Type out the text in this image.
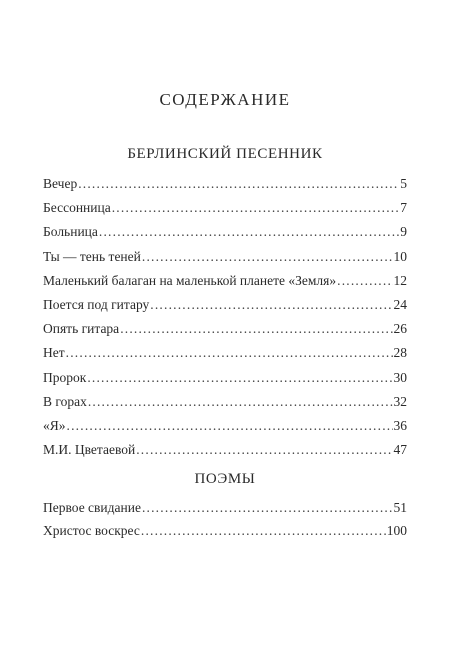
СОДЕРЖАНИЕ
БЕРЛИНСКИЙ ПЕСЕННИК
Вечер .....	5
Бессонница .....	7
Больница .....	9
Ты — тень теней .....	10
Маленький балаган на маленькой планете «Земля» .....	12
Поется под гитару .....	24
Опять гитара .....	26
Нет .....	28
Пророк .....	30
В горах .....	32
«Я» .....	36
М.И. Цветаевой .....	47
ПОЭМЫ
Первое свидание .....	51
Христос воскрес .....	100
